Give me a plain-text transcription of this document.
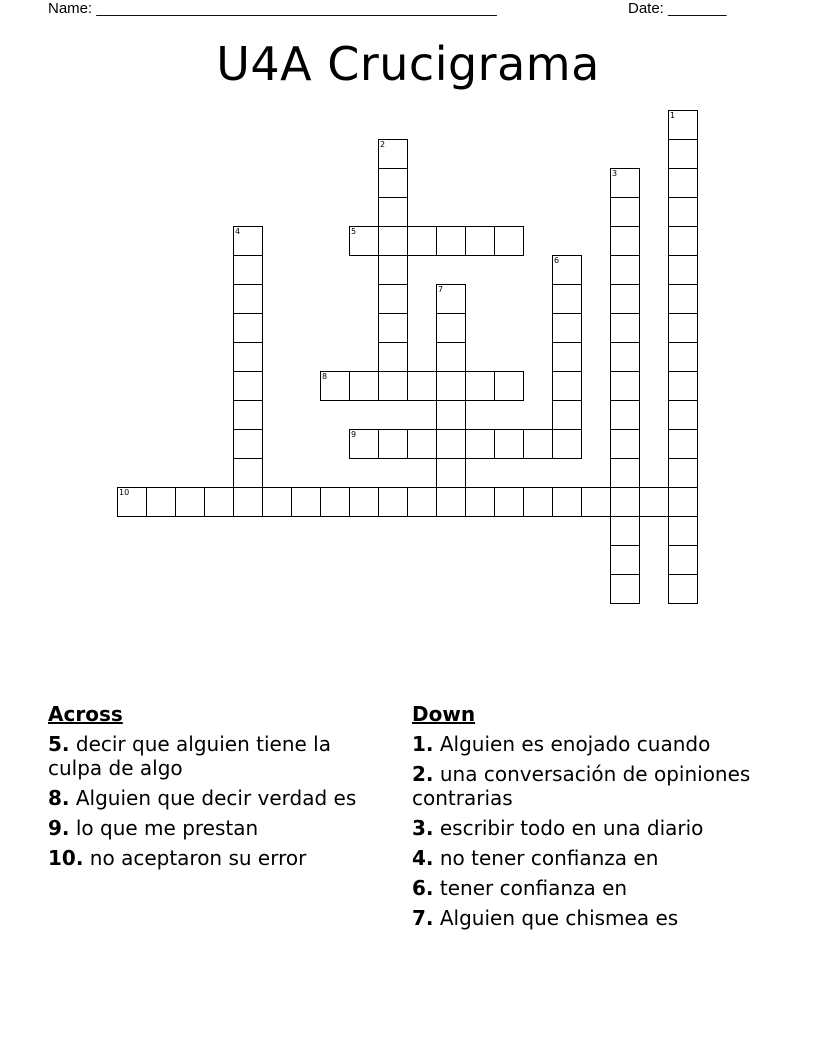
Name: ________________________________________________	Date: _______
U4A Crucigrama
1
2
3
4	5
6
7
8
9
10
Across
5. decir que alguien tiene la culpa de algo
8. Alguien que decir verdad es
9. lo que me prestan
10. no aceptaron su error
Down
1. Alguien es enojado cuando
2. una conversación de opiniones contrarias
3. escribir todo en una diario
4. no tener confianza en
6. tener confianza en
7. Alguien que chismea es
